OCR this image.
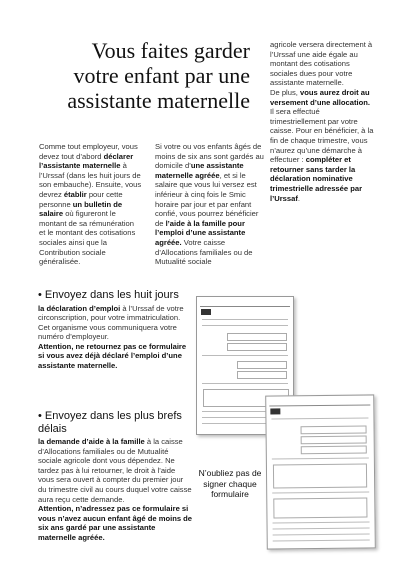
Vous faites garder
votre enfant par une
assistante maternelle
Comme tout employeur, vous devez tout d’abord déclarer l’assistante maternelle à l’Urssaf (dans les huit jours de son embauche). Ensuite, vous devrez établir pour cette personne un bulletin de salaire où figureront le montant de sa rémunération et le montant des cotisations sociales ainsi que la Contribution sociale généralisée.
Si votre ou vos enfants âgés de moins de six ans sont gardés au domicile d’une assistante maternelle agréée, et si le salaire que vous lui versez est inférieur à cinq fois le Smic horaire par jour et par enfant confié, vous pourrez bénéficier de l’aide à la famille pour l’emploi d’une assistante agréée. Votre caisse d’Allocations familiales ou de Mutualité sociale
agricole versera directement à l’Urssaf une aide égale au montant des cotisations sociales dues pour votre assistante maternelle.
De plus, vous aurez droit au versement d’une allocation. Il sera effectué trimestriellement par votre caisse. Pour en bénéficier, à la fin de chaque trimestre, vous n’aurez qu’une démarche à effectuer : compléter et retourner sans tarder la déclaration nominative trimestrielle adressée par l’Urssaf.
• Envoyez dans les huit jours
la déclaration d’emploi à l’Urssaf de votre circonscription, pour votre immatriculation. Cet organisme vous communiquera votre numéro d’employeur.
Attention, ne retournez pas ce formulaire si vous avez déjà déclaré l’emploi d’une assistante maternelle.
• Envoyez dans les plus brefs délais
la demande d’aide à la famille à la caisse d’Allocations familiales ou de Mutualité sociale agricole dont vous dépendez. Ne tardez pas à lui retourner, le droit à l’aide vous sera ouvert à compter du premier jour du trimestre civil au cours duquel votre caisse aura reçu cette demande.
Attention, n’adressez pas ce formulaire si vous n’avez aucun enfant âgé de moins de six ans gardé par une assistante maternelle agréée.
N’oubliez pas de signer chaque formulaire
